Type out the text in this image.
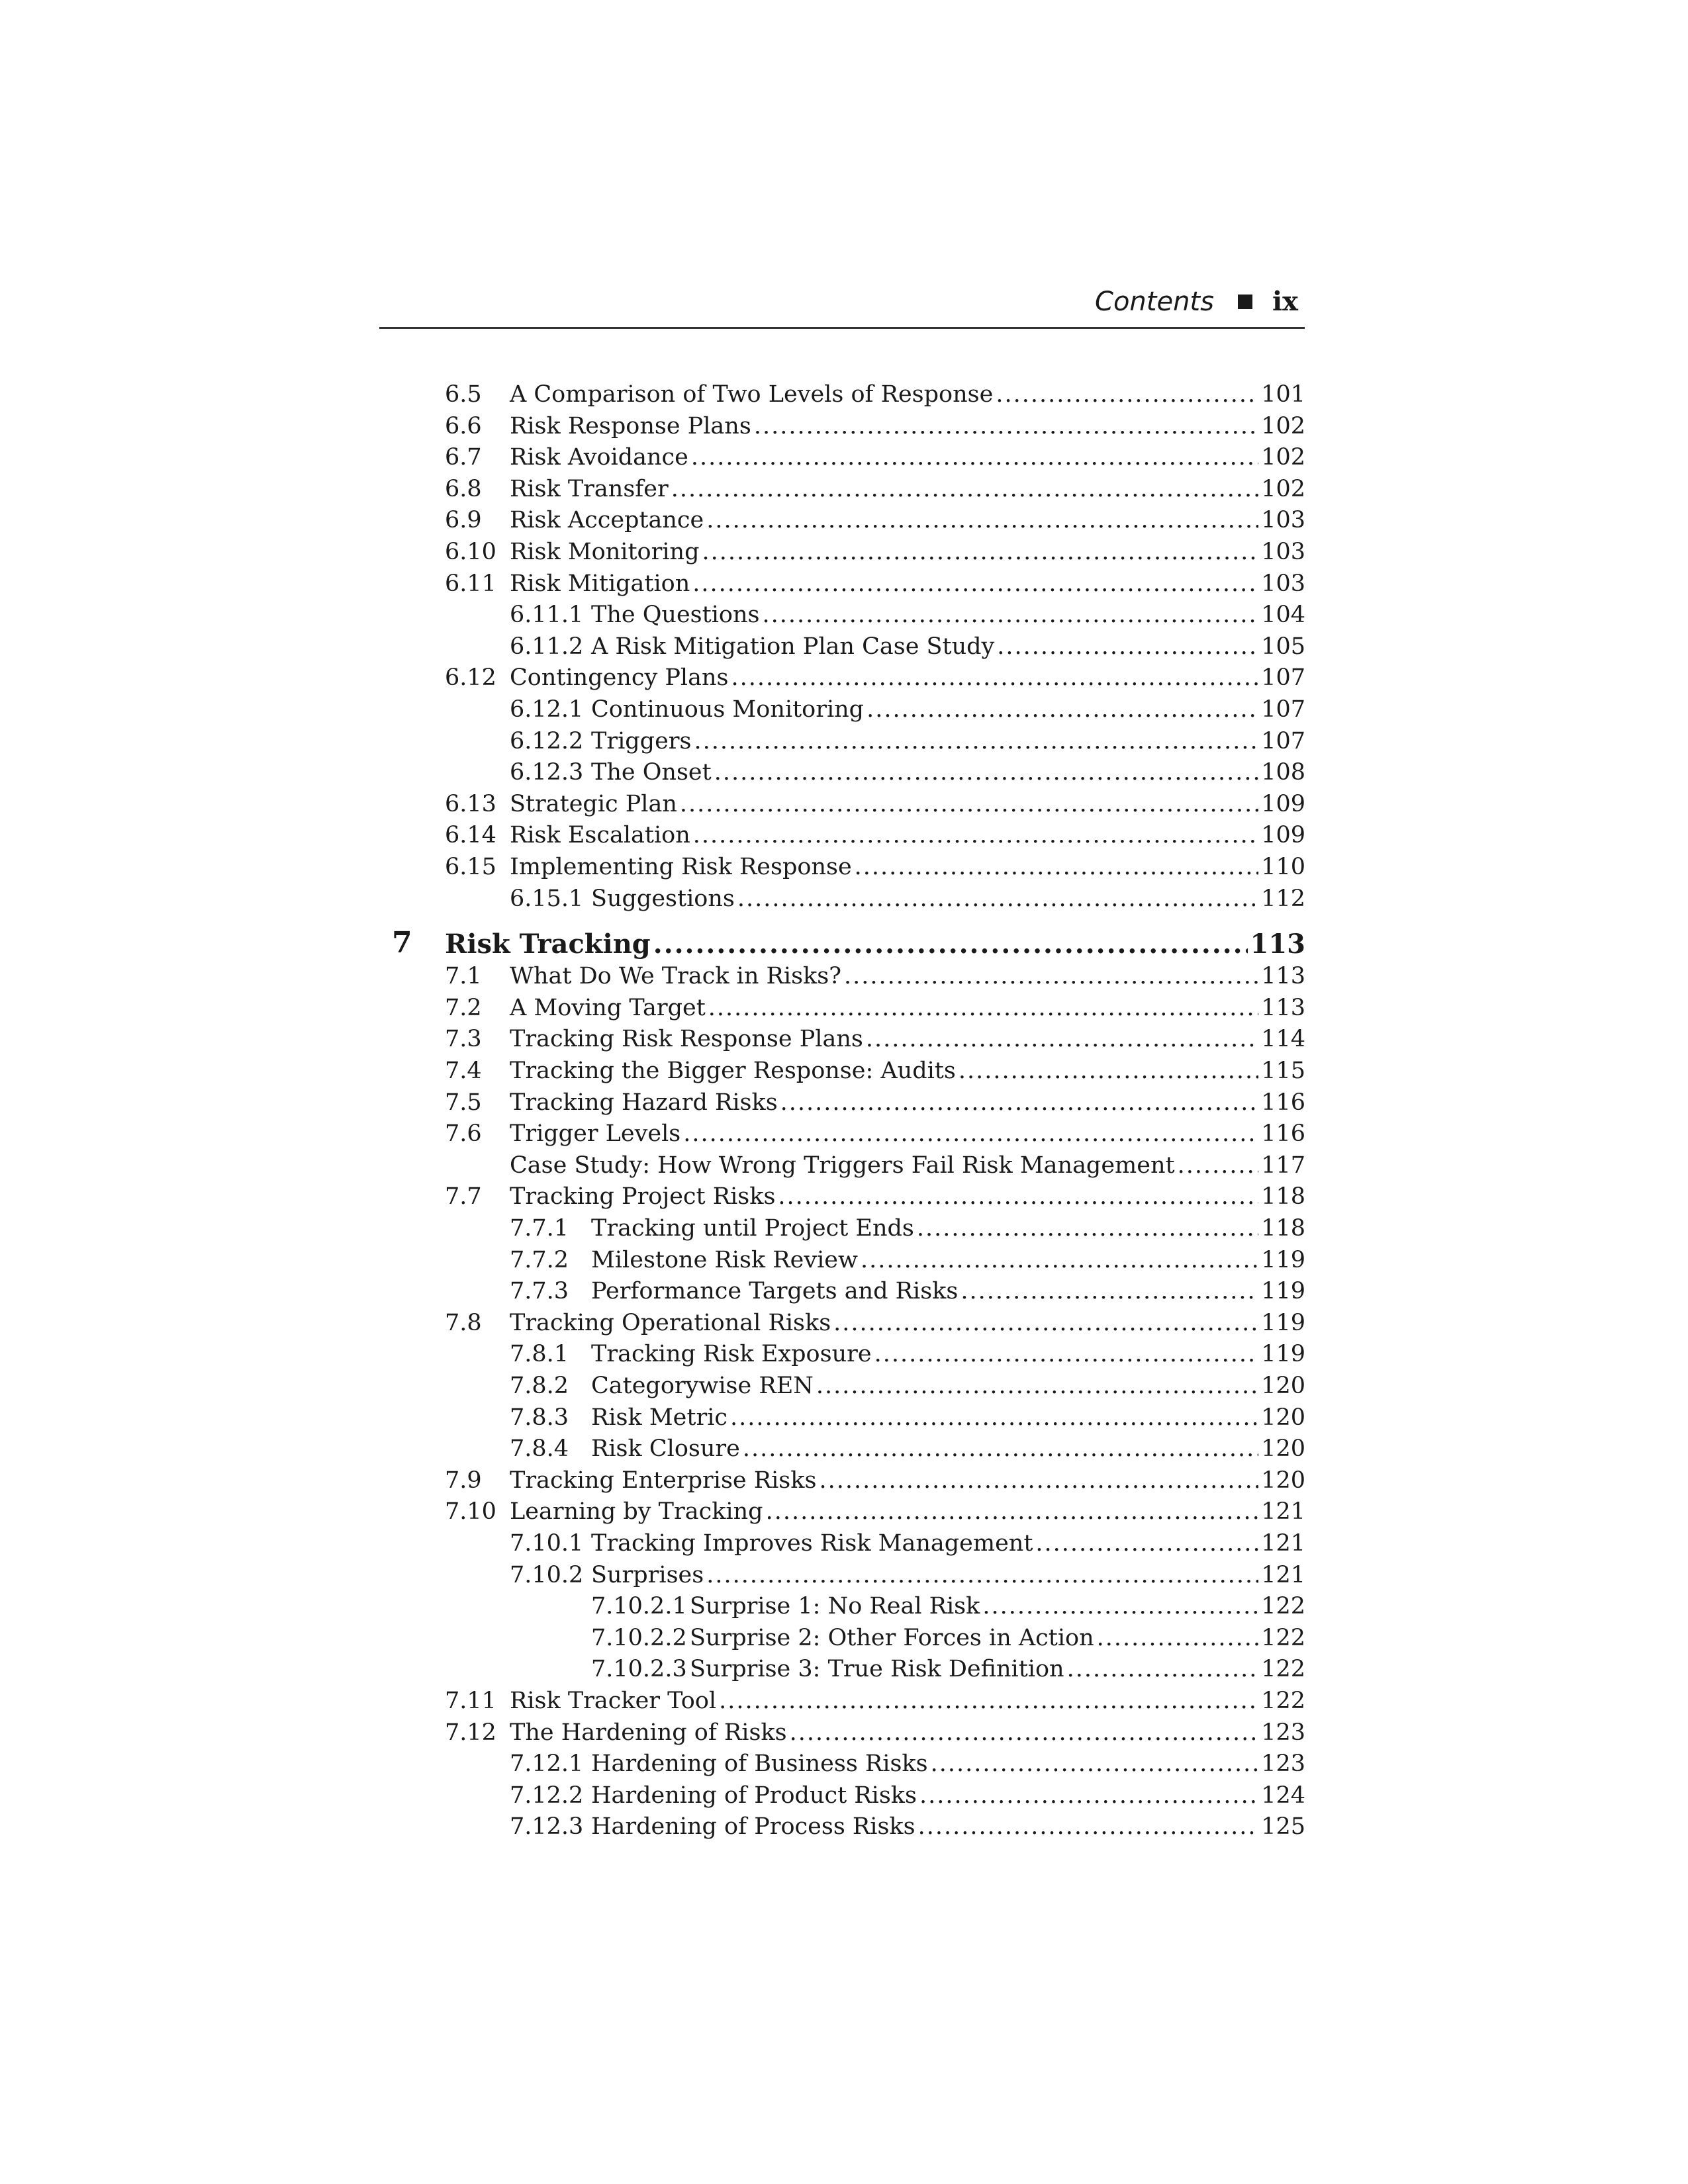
Contents ix
6.5 A Comparison of Two Levels of Response .....	101
6.6 Risk Response Plans .....	102
6.7 Risk Avoidance .....	102
6.8 Risk Transfer .....	102
6.9 Risk Acceptance .....	103
6.10 Risk Monitoring .....	103
6.11 Risk Mitigation .....	103
6.11.1 The Questions .....	104
6.11.2 A Risk Mitigation Plan Case Study .....	105
6.12 Contingency Plans .....	107
6.12.1 Continuous Monitoring .....	107
6.12.2 Triggers .....	107
6.12.3 The Onset .....	108
6.13 Strategic Plan .....	109
6.14 Risk Escalation .....	109
6.15 Implementing Risk Response .....	110
6.15.1 Suggestions .....	112
7 Risk Tracking .....	113
7.1 What Do We Track in Risks? .....	113
7.2 A Moving Target .....	113
7.3 Tracking Risk Response Plans .....	114
7.4 Tracking the Bigger Response: Audits .....	115
7.5 Tracking Hazard Risks .....	116
7.6 Trigger Levels .....	116
Case Study: How Wrong Triggers Fail Risk Management .....	117
7.7 Tracking Project Risks .....	118
7.7.1 Tracking until Project Ends .....	118
7.7.2 Milestone Risk Review .....	119
7.7.3 Performance Targets and Risks .....	119
7.8 Tracking Operational Risks .....	119
7.8.1 Tracking Risk Exposure .....	119
7.8.2 Categorywise REN .....	120
7.8.3 Risk Metric .....	120
7.8.4 Risk Closure .....	120
7.9 Tracking Enterprise Risks .....	120
7.10 Learning by Tracking .....	121
7.10.1 Tracking Improves Risk Management .....	121
7.10.2 Surprises .....	121
7.10.2.1 Surprise 1: No Real Risk .....	122
7.10.2.2 Surprise 2: Other Forces in Action .....	122
7.10.2.3 Surprise 3: True Risk Definition .....	122
7.11 Risk Tracker Tool .....	122
7.12 The Hardening of Risks .....	123
7.12.1 Hardening of Business Risks .....	123
7.12.2 Hardening of Product Risks .....	124
7.12.3 Hardening of Process Risks .....	125
